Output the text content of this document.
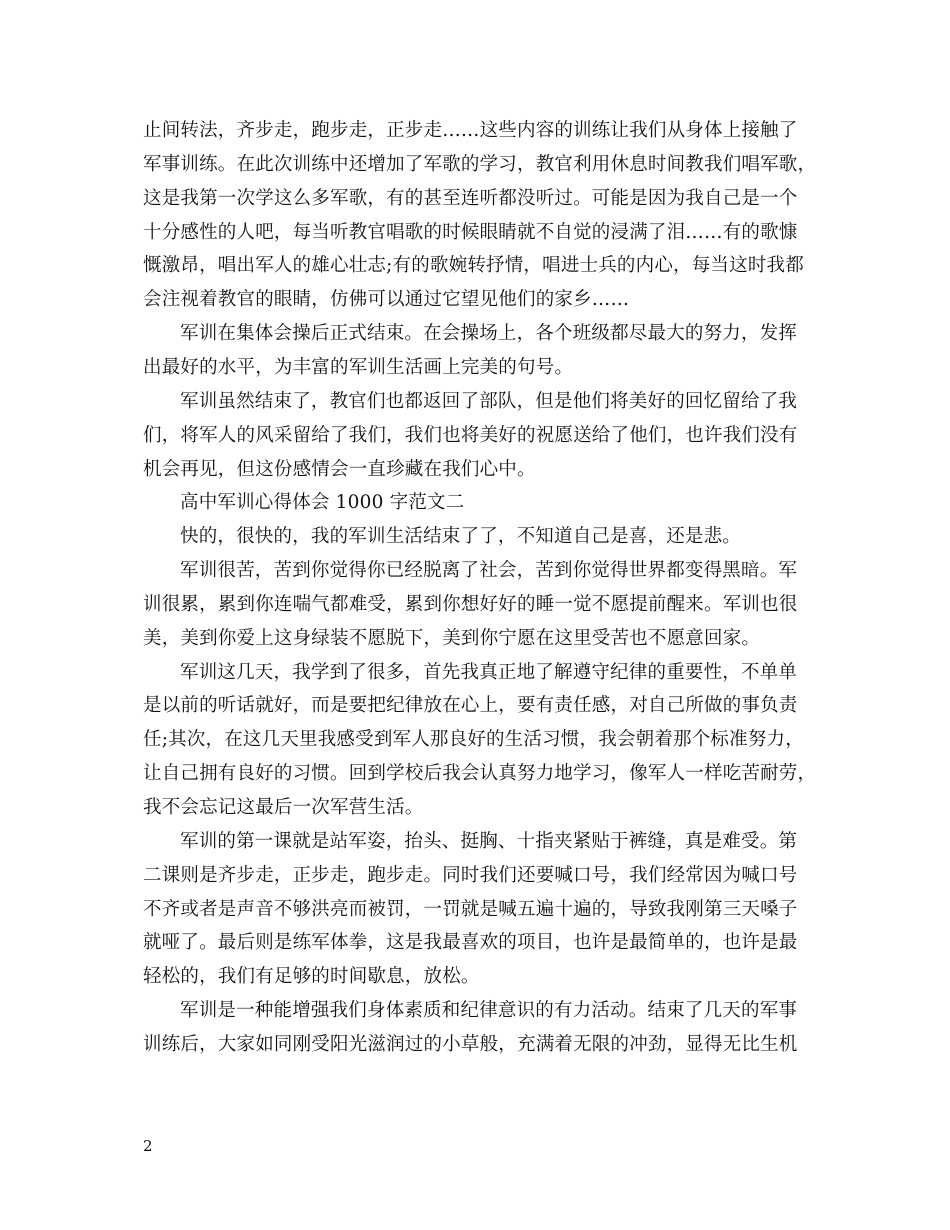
止间转法，齐步走，跑步走，正步走……这些内容的训练让我们从身体上接触了
军事训练。在此次训练中还增加了军歌的学习，教官利用休息时间教我们唱军歌，
这是我第一次学这么多军歌，有的甚至连听都没听过。可能是因为我自己是一个
十分感性的人吧，每当听教官唱歌的时候眼睛就不自觉的浸满了泪……有的歌慷
慨激昂，唱出军人的雄心壮志;有的歌婉转抒情，唱进士兵的内心，每当这时我都
会注视着教官的眼睛，仿佛可以通过它望见他们的家乡……
军训在集体会操后正式结束。在会操场上，各个班级都尽最大的努力，发挥
出最好的水平，为丰富的军训生活画上完美的句号。
军训虽然结束了，教官们也都返回了部队，但是他们将美好的回忆留给了我
们，将军人的风采留给了我们，我们也将美好的祝愿送给了他们，也许我们没有
机会再见，但这份感情会一直珍藏在我们心中。
高中军训心得体会 1000 字范文二
快的，很快的，我的军训生活结束了了，不知道自己是喜，还是悲。
军训很苦，苦到你觉得你已经脱离了社会，苦到你觉得世界都变得黑暗。军
训很累，累到你连喘气都难受，累到你想好好的睡一觉不愿提前醒来。军训也很
美，美到你爱上这身绿装不愿脱下，美到你宁愿在这里受苦也不愿意回家。
军训这几天，我学到了很多，首先我真正地了解遵守纪律的重要性，不单单
是以前的听话就好，而是要把纪律放在心上，要有责任感，对自己所做的事负责
任;其次，在这几天里我感受到军人那良好的生活习惯，我会朝着那个标准努力，
让自己拥有良好的习惯。回到学校后我会认真努力地学习，像军人一样吃苦耐劳，
我不会忘记这最后一次军营生活。
军训的第一课就是站军姿，抬头、挺胸、十指夹紧贴于裤缝，真是难受。第
二课则是齐步走，正步走，跑步走。同时我们还要喊口号，我们经常因为喊口号
不齐或者是声音不够洪亮而被罚，一罚就是喊五遍十遍的，导致我刚第三天嗓子
就哑了。最后则是练军体拳，这是我最喜欢的项目，也许是最简单的，也许是最
轻松的，我们有足够的时间歇息，放松。
军训是一种能增强我们身体素质和纪律意识的有力活动。结束了几天的军事
训练后，大家如同刚受阳光滋润过的小草般，充满着无限的冲劲，显得无比生机
2
